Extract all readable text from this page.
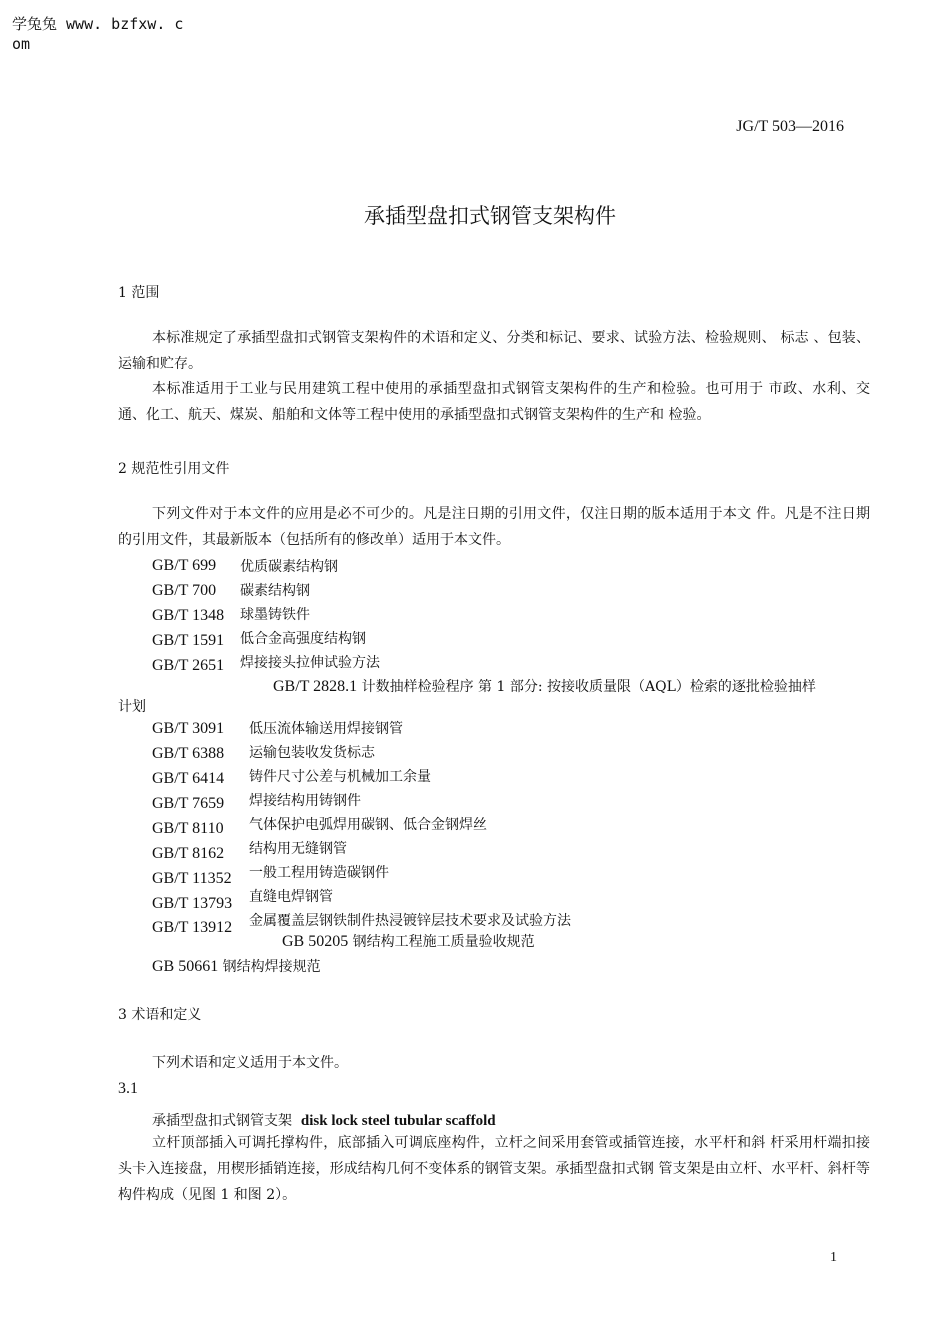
学兔兔 www. bzfxw. com
JG/T 503—2016
承插型盘扣式钢管支架构件
1 范围
本标准规定了承插型盘扣式钢管支架构件的术语和定义、分类和标记、要求、试验方法、检验规则、 标志 、包装、运输和贮存。
本标准适用于工业与民用建筑工程中使用的承插型盘扣式钢管支架构件的生产和检验。也可用于 市政、水利、交通、化工、航天、煤炭、船舶和文体等工程中使用的承插型盘扣式钢管支架构件的生产和 检验。
2 规范性引用文件
下列文件对于本文件的应用是必不可少的。凡是注日期的引用文件，仅注日期的版本适用于本文 件。凡是不注日期的引用文件，其最新版本（包括所有的修改单）适用于本文件。
GB/T 699 优质碳素结构钢
GB/T 700 碳素结构钢
GB/T 1348 球墨铸铁件
GB/T 1591 低合金高强度结构钢
GB/T 2651 焊接接头拉伸试验方法
GB/T 2828.1 计数抽样检验程序 第 1 部分: 按接收质量限（AQL）检索的逐批检验抽样
计划
GB/T 3091 低压流体输送用焊接钢管
GB/T 6388 运输包装收发货标志
GB/T 6414 铸件尺寸公差与机械加工余量
GB/T 7659 焊接结构用铸钢件
GB/T 8110 气体保护电弧焊用碳钢、低合金钢焊丝
GB/T 8162 结构用无缝钢管
GB/T 11352 一般工程用铸造碳钢件
GB/T 13793 直缝电焊钢管
GB/T 13912 金属覆盖层钢铁制件热浸镀锌层技术要求及试验方法
GB 50205 钢结构工程施工质量验收规范
GB 50661 钢结构焊接规范
3 术语和定义
下列术语和定义适用于本文件。
3.1
承插型盘扣式钢管支架 disk lock steel tubular scaffold
立杆顶部插入可调托撑构件，底部插入可调底座构件，立杆之间采用套管或插管连接，水平杆和斜 杆采用杆端扣接头卡入连接盘，用楔形插销连接，形成结构几何不变体系的钢管支架。承插型盘扣式钢 管支架是由立杆、水平杆、斜杆等构件构成（见图 1 和图 2）。
1
